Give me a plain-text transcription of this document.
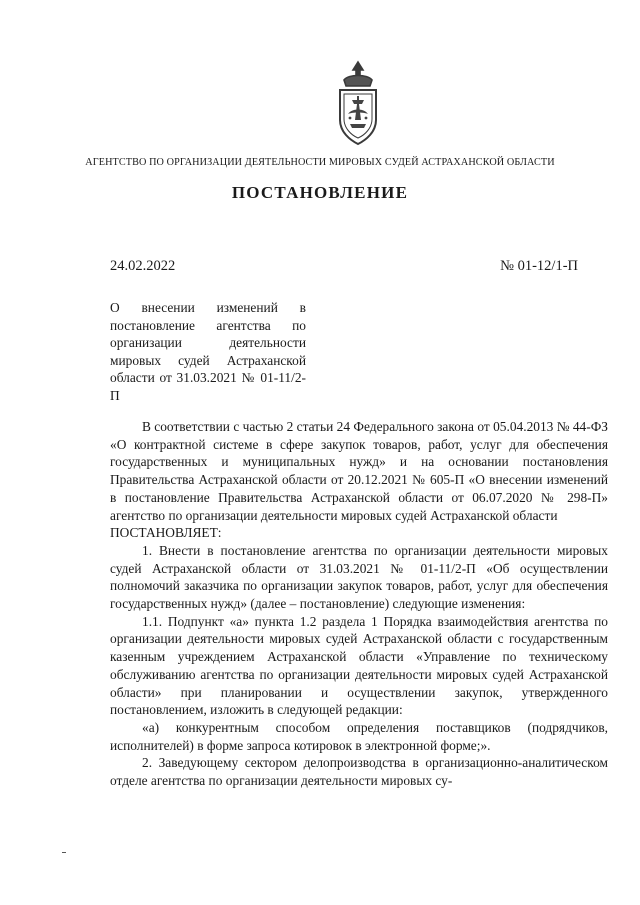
АГЕНТСТВО ПО ОРГАНИЗАЦИИ ДЕЯТЕЛЬНОСТИ МИРОВЫХ СУДЕЙ АСТРАХАНСКОЙ ОБЛАСТИ
ПОСТАНОВЛЕНИЕ
24.02.2022	№ 01-12/1-П
О внесении изменений в постановление агентства по организации деятельности мировых судей Астраханской области от 31.03.2021 № 01-11/2-П

В соответствии с частью 2 статьи 24 Федерального закона от 05.04.2013 № 44-ФЗ «О контрактной системе в сфере закупок товаров, работ, услуг для обеспечения государственных и муниципальных нужд» и на основании постановления Правительства Астраханской области от 20.12.2021 № 605-П «О внесении изменений в постановление Правительства Астраханской области от 06.07.2020 № 298-П» агентство по организации деятельности мировых судей Астраханской области

ПОСТАНОВЛЯЕТ:

1. Внести в постановление агентства по организации деятельности мировых судей Астраханской области от 31.03.2021 № 01-11/2-П «Об осуществлении полномочий заказчика по организации закупок товаров, работ, услуг для обеспечения государственных нужд» (далее – постановление) следующие изменения:

1.1. Подпункт «а» пункта 1.2 раздела 1 Порядка взаимодействия агентства по организации деятельности мировых судей Астраханской области с государственным казенным учреждением Астраханской области «Управление по техническому обслуживанию агентства по организации деятельности мировых судей Астраханской области» при планировании и осуществлении закупок, утвержденного постановлением, изложить в следующей редакции:

«а) конкурентным способом определения поставщиков (подрядчиков, исполнителей) в форме запроса котировок в электронной форме;».

2. Заведующему сектором делопроизводства в организационно-аналитическом отделе агентства по организации деятельности мировых су-
